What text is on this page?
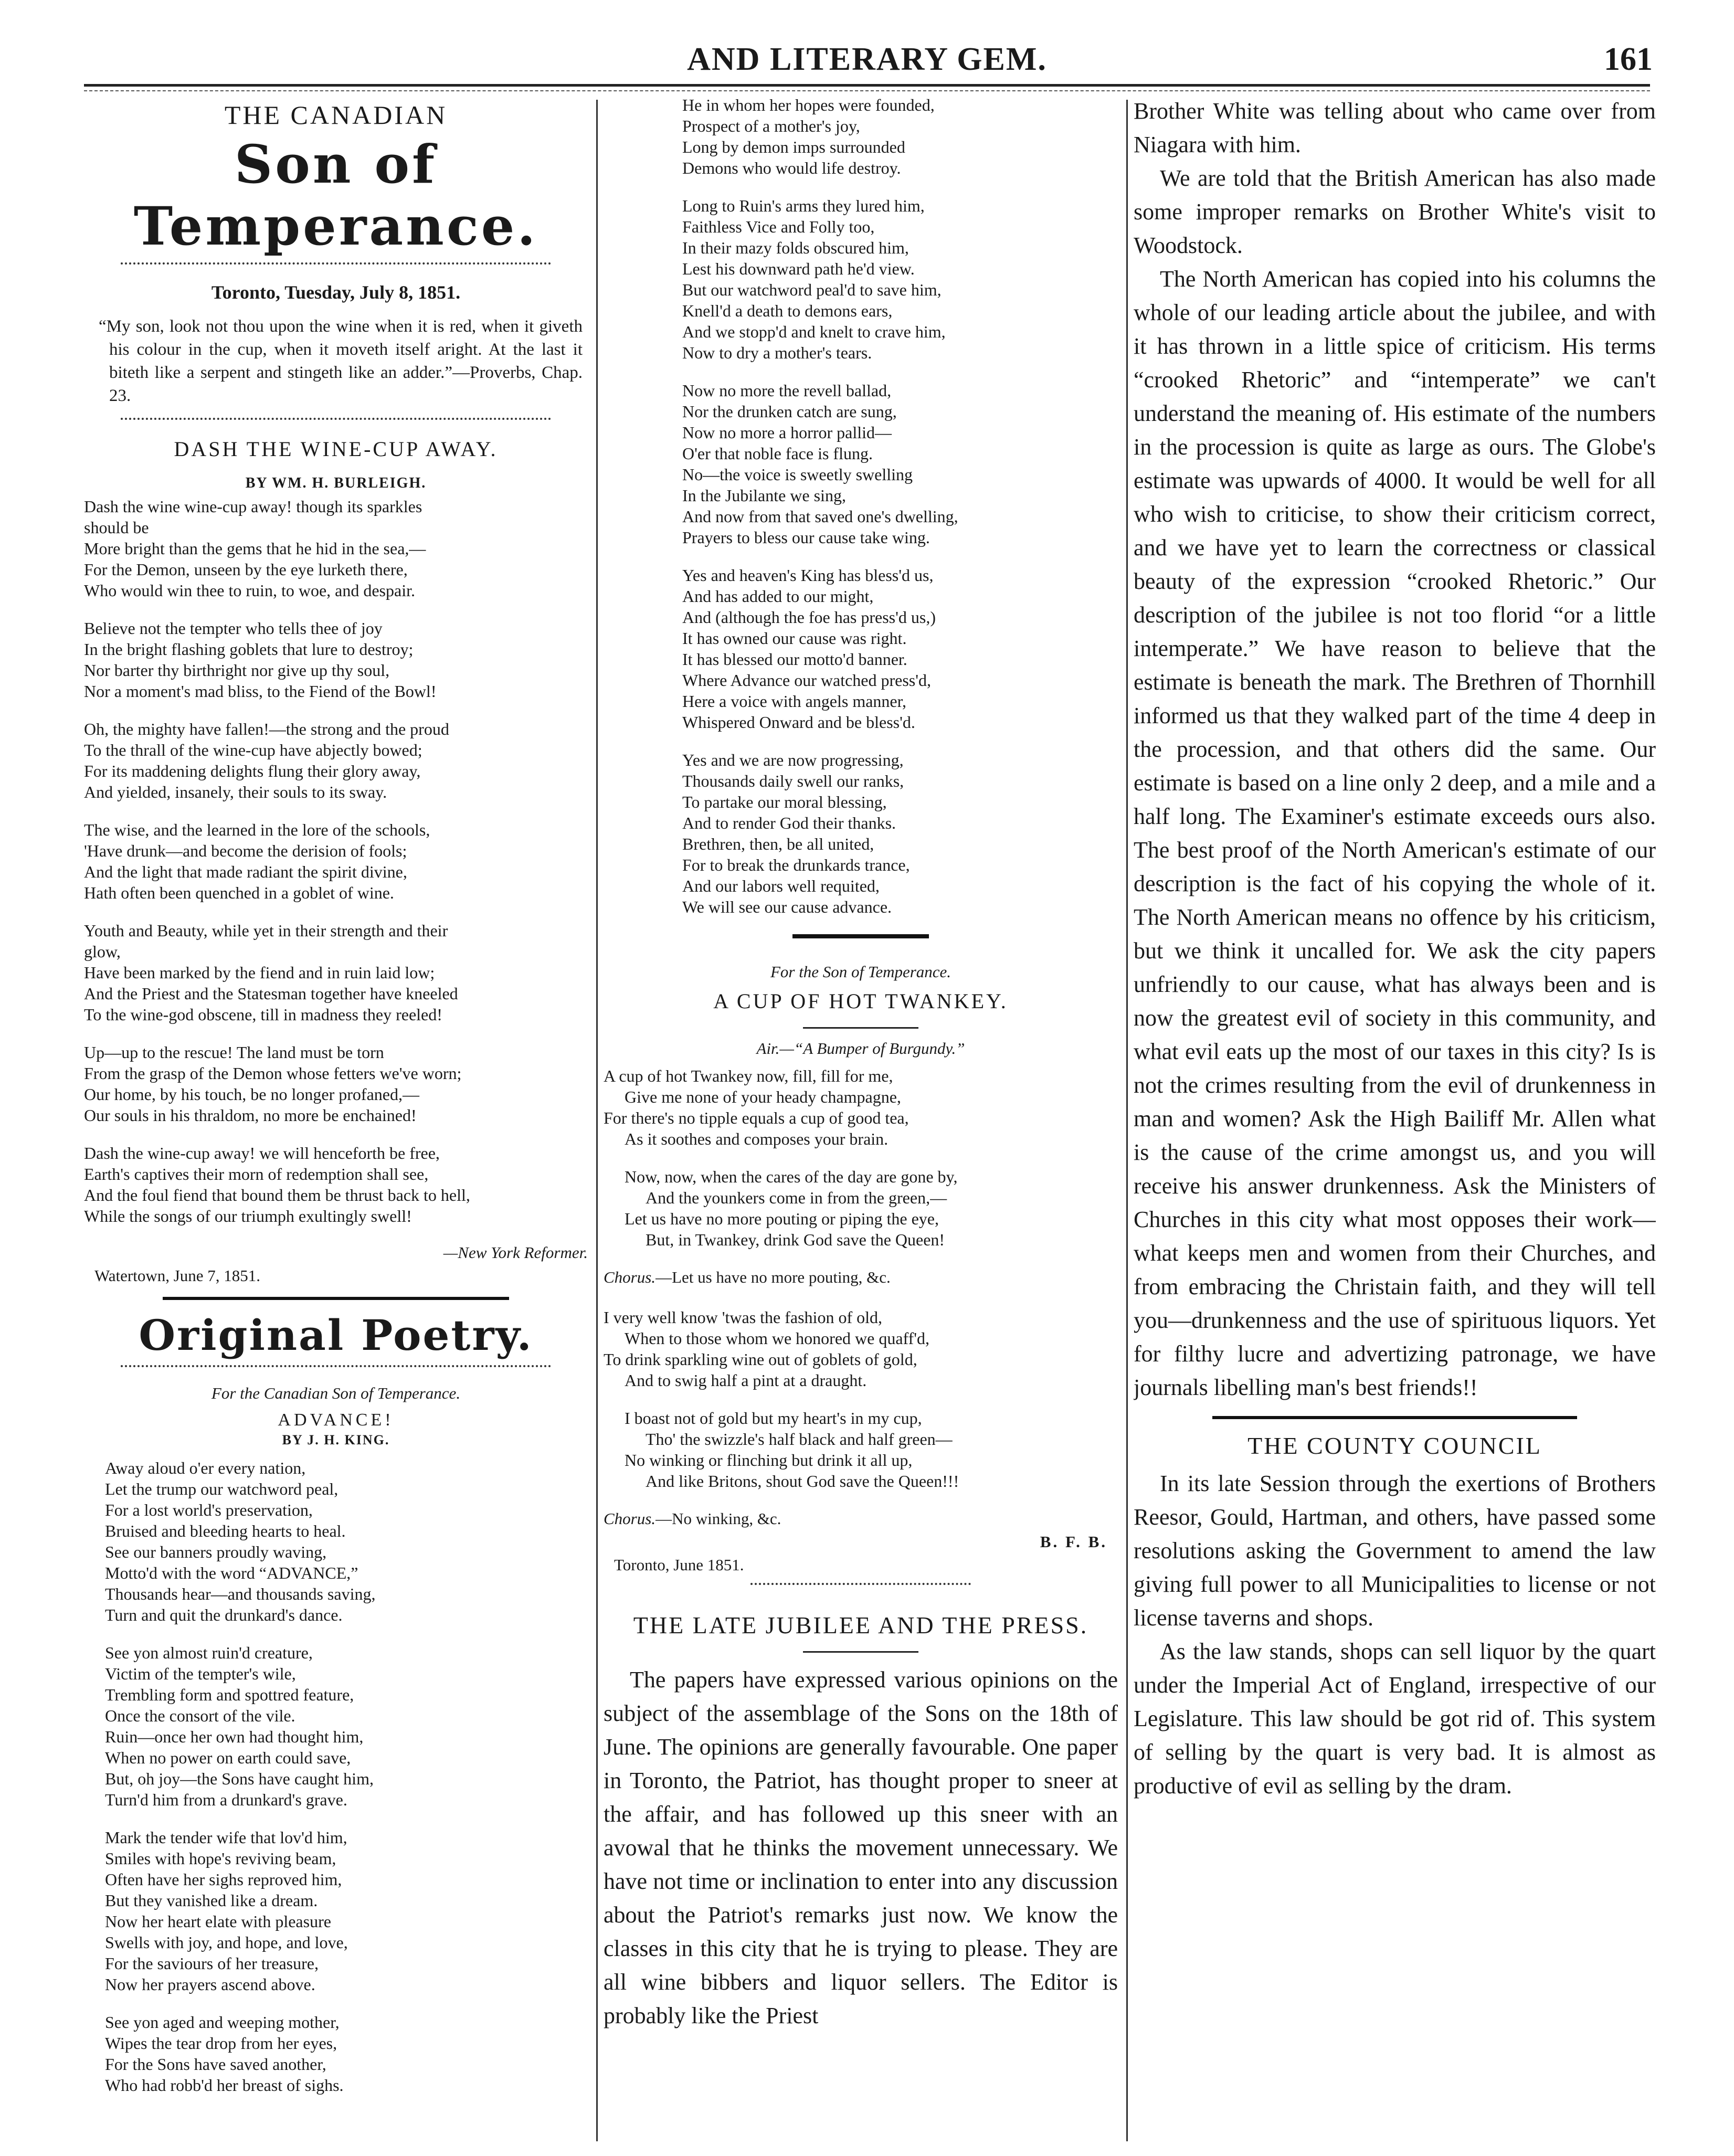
AND LITERARY GEM.	161
THE CANADIAN
Son of Temperance.
Toronto, Tuesday, July 8, 1851.
“My son, look not thou upon the wine when it is red, when it giveth his colour in the cup, when it moveth itself aright. At the last it biteth like a serpent and stingeth like an adder.”—Proverbs, Chap. 23.
DASH THE WINE-CUP AWAY.
BY WM. H. BURLEIGH.
Dash the wine wine-cup away! though its sparkles
should be
More bright than the gems that he hid in the sea,—
For the Demon, unseen by the eye lurketh there,
Who would win thee to ruin, to woe, and despair.
Believe not the tempter who tells thee of joy
In the bright flashing goblets that lure to destroy;
Nor barter thy birthright nor give up thy soul,
Nor a moment's mad bliss, to the Fiend of the Bowl!
Oh, the mighty have fallen!—the strong and the proud
To the thrall of the wine-cup have abjectly bowed;
For its maddening delights flung their glory away,
And yielded, insanely, their souls to its sway.
The wise, and the learned in the lore of the schools,
'Have drunk—and become the derision of fools;
And the light that made radiant the spirit divine,
Hath often been quenched in a goblet of wine.
Youth and Beauty, while yet in their strength and their
glow,
Have been marked by the fiend and in ruin laid low;
And the Priest and the Statesman together have kneeled
To the wine-god obscene, till in madness they reeled!
Up—up to the rescue! The land must be torn
From the grasp of the Demon whose fetters we've worn;
Our home, by his touch, be no longer profaned,—
Our souls in his thraldom, no more be enchained!
Dash the wine-cup away! we will henceforth be free,
Earth's captives their morn of redemption shall see,
And the foul fiend that bound them be thrust back to hell,
While the songs of our triumph exultingly swell!
—New York Reformer.
Watertown, June 7, 1851.
Original Poetry.
For the Canadian Son of Temperance.
ADVANCE!
BY J. H. KING.
Away aloud o'er every nation,
Let the trump our watchword peal,
For a lost world's preservation,
Bruised and bleeding hearts to heal.
See our banners proudly waving,
Motto'd with the word “ADVANCE,”
Thousands hear—and thousands saving,
Turn and quit the drunkard's dance.
See yon almost ruin'd creature,
Victim of the tempter's wile,
Trembling form and spottred feature,
Once the consort of the vile.
Ruin—once her own had thought him,
When no power on earth could save,
But, oh joy—the Sons have caught him,
Turn'd him from a drunkard's grave.
Mark the tender wife that lov'd him,
Smiles with hope's reviving beam,
Often have her sighs reproved him,
But they vanished like a dream.
Now her heart elate with pleasure
Swells with joy, and hope, and love,
For the saviours of her treasure,
Now her prayers ascend above.
See yon aged and weeping mother,
Wipes the tear drop from her eyes,
For the Sons have saved another,
Who had robb'd her breast of sighs.
He in whom her hopes were founded,
Prospect of a mother's joy,
Long by demon imps surrounded
Demons who would life destroy.
Long to Ruin's arms they lured him,
Faithless Vice and Folly too,
In their mazy folds obscured him,
Lest his downward path he'd view.
But our watchword peal'd to save him,
Knell'd a death to demons ears,
And we stopp'd and knelt to crave him,
Now to dry a mother's tears.
Now no more the revell ballad,
Nor the drunken catch are sung,
Now no more a horror pallid—
O'er that noble face is flung.
No—the voice is sweetly swelling
In the Jubilante we sing,
And now from that saved one's dwelling,
Prayers to bless our cause take wing.
Yes and heaven's King has bless'd us,
And has added to our might,
And (although the foe has press'd us,)
It has owned our cause was right.
It has blessed our motto'd banner.
Where Advance our watched press'd,
Here a voice with angels manner,
Whispered Onward and be bless'd.
Yes and we are now progressing,
Thousands daily swell our ranks,
To partake our moral blessing,
And to render God their thanks.
Brethren, then, be all united,
For to break the drunkards trance,
And our labors well requited,
We will see our cause advance.
For the Son of Temperance.
A CUP OF HOT TWANKEY.
Air.—“A Bumper of Burgundy.”
A cup of hot Twankey now, fill, fill for me,
Give me none of your heady champagne,
For there's no tipple equals a cup of good tea,
As it soothes and composes your brain.
Now, now, when the cares of the day are gone by,
And the younkers come in from the green,—
Let us have no more pouting or piping the eye,
But, in Twankey, drink God save the Queen!
Chorus.—Let us have no more pouting, &c.
I very well know 'twas the fashion of old,
When to those whom we honored we quaff'd,
To drink sparkling wine out of goblets of gold,
And to swig half a pint at a draught.
I boast not of gold but my heart's in my cup,
Tho' the swizzle's half black and half green—
No winking or flinching but drink it all up,
And like Britons, shout God save the Queen!!!
Chorus.—No winking, &c.
B. F. B.
Toronto, June 1851.
THE LATE JUBILEE AND THE PRESS.

The papers have expressed various opinions on the subject of the assemblage of the Sons on the 18th of June. The opinions are generally favourable. One paper in Toronto, the Patriot, has thought proper to sneer at the affair, and has followed up this sneer with an avowal that he thinks the movement unnecessary. We have not time or inclination to enter into any discussion about the Patriot's remarks just now. We know the classes in this city that he is trying to please. They are all wine bibbers and liquor sellers. The Editor is probably like the Priest

Brother White was telling about who came over from Niagara with him.

We are told that the British American has also made some improper remarks on Brother White's visit to Woodstock.

The North American has copied into his columns the whole of our leading article about the jubilee, and with it has thrown in a little spice of criticism. His terms “crooked Rhetoric” and “intemperate” we can't understand the meaning of. His estimate of the numbers in the procession is quite as large as ours. The Globe's estimate was upwards of 4000. It would be well for all who wish to criticise, to show their criticism correct, and we have yet to learn the correctness or classical beauty of the expression “crooked Rhetoric.” Our description of the jubilee is not too florid “or a little intemperate.” We have reason to believe that the estimate is beneath the mark. The Brethren of Thornhill informed us that they walked part of the time 4 deep in the procession, and that others did the same. Our estimate is based on a line only 2 deep, and a mile and a half long. The Examiner's estimate exceeds ours also. The best proof of the North American's estimate of our description is the fact of his copying the whole of it. The North American means no offence by his criticism, but we think it uncalled for. We ask the city papers unfriendly to our cause, what has always been and is now the greatest evil of society in this community, and what evil eats up the most of our taxes in this city? Is is not the crimes resulting from the evil of drunkenness in man and women? Ask the High Bailiff Mr. Allen what is the cause of the crime amongst us, and you will receive his answer drunkenness. Ask the Ministers of Churches in this city what most opposes their work—what keeps men and women from their Churches, and from embracing the Christain faith, and they will tell you—drunkenness and the use of spirituous liquors. Yet for filthy lucre and advertizing patronage, we have journals libelling man's best friends!!

THE COUNTY COUNCIL

In its late Session through the exertions of Brothers Reesor, Gould, Hartman, and others, have passed some resolutions asking the Government to amend the law giving full power to all Municipalities to license or not license taverns and shops.

As the law stands, shops can sell liquor by the quart under the Imperial Act of England, irrespective of our Legislature. This law should be got rid of. This system of selling by the quart is very bad. It is almost as productive of evil as selling by the dram.
